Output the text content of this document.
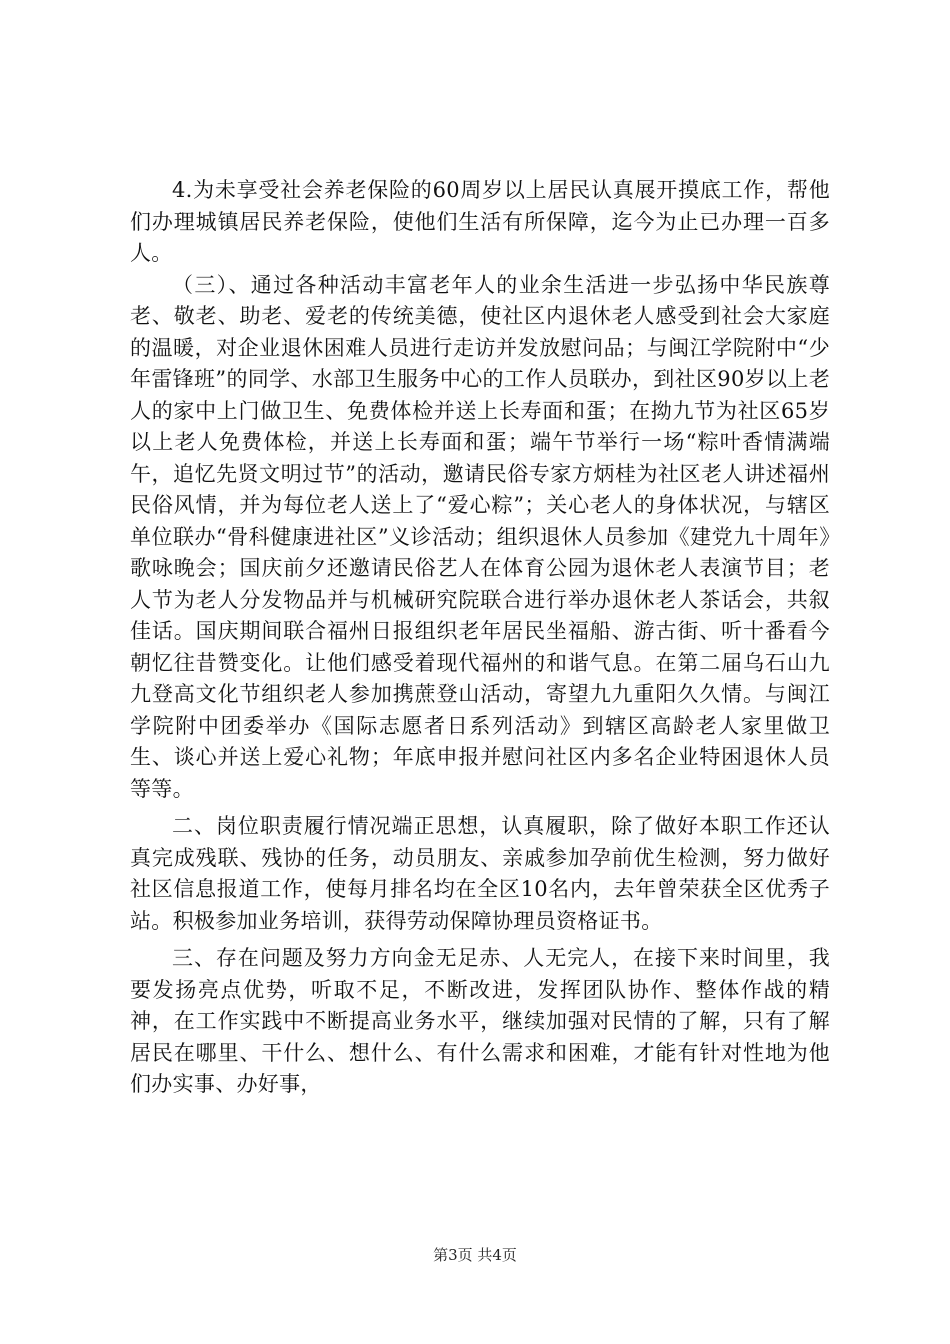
4.为未享受社会养老保险的60周岁以上居民认真展开摸底工作，帮他们办理城镇居民养老保险，使他们生活有所保障，迄今为止已办理一百多人。

（三）、通过各种活动丰富老年人的业余生活进一步弘扬中华民族尊老、敬老、助老、爱老的传统美德，使社区内退休老人感受到社会大家庭的温暖，对企业退休困难人员进行走访并发放慰问品；与闽江学院附中“少年雷锋班”的同学、水部卫生服务中心的工作人员联办，到社区90岁以上老人的家中上门做卫生、免费体检并送上长寿面和蛋；在拗九节为社区65岁以上老人免费体检，并送上长寿面和蛋；端午节举行一场“粽叶香情满端午，追忆先贤文明过节”的活动，邀请民俗专家方炳桂为社区老人讲述福州民俗风情，并为每位老人送上了“爱心粽”；关心老人的身体状况，与辖区单位联办“骨科健康进社区”义诊活动；组织退休人员参加《建党九十周年》歌咏晚会；国庆前夕还邀请民俗艺人在体育公园为退休老人表演节目；老人节为老人分发物品并与机械研究院联合进行举办退休老人茶话会，共叙佳话。国庆期间联合福州日报组织老年居民坐福船、游古街、听十番看今朝忆往昔赞变化。让他们感受着现代福州的和谐气息。在第二届乌石山九九登高文化节组织老人参加携蔗登山活动，寄望九九重阳久久情。与闽江学院附中团委举办《国际志愿者日系列活动》到辖区高龄老人家里做卫生、谈心并送上爱心礼物；年底申报并慰问社区内多名企业特困退休人员等等。

二、岗位职责履行情况端正思想，认真履职，除了做好本职工作还认真完成残联、残协的任务，动员朋友、亲戚参加孕前优生检测，努力做好社区信息报道工作，使每月排名均在全区10名内，去年曾荣获全区优秀子站。积极参加业务培训，获得劳动保障协理员资格证书。

三、存在问题及努力方向金无足赤、人无完人，在接下来时间里，我要发扬亮点优势，听取不足，不断改进，发挥团队协作、整体作战的精神，在工作实践中不断提高业务水平，继续加强对民情的了解，只有了解居民在哪里、干什么、想什么、有什么需求和困难，才能有针对性地为他们办实事、办好事，

第3页 共4页
